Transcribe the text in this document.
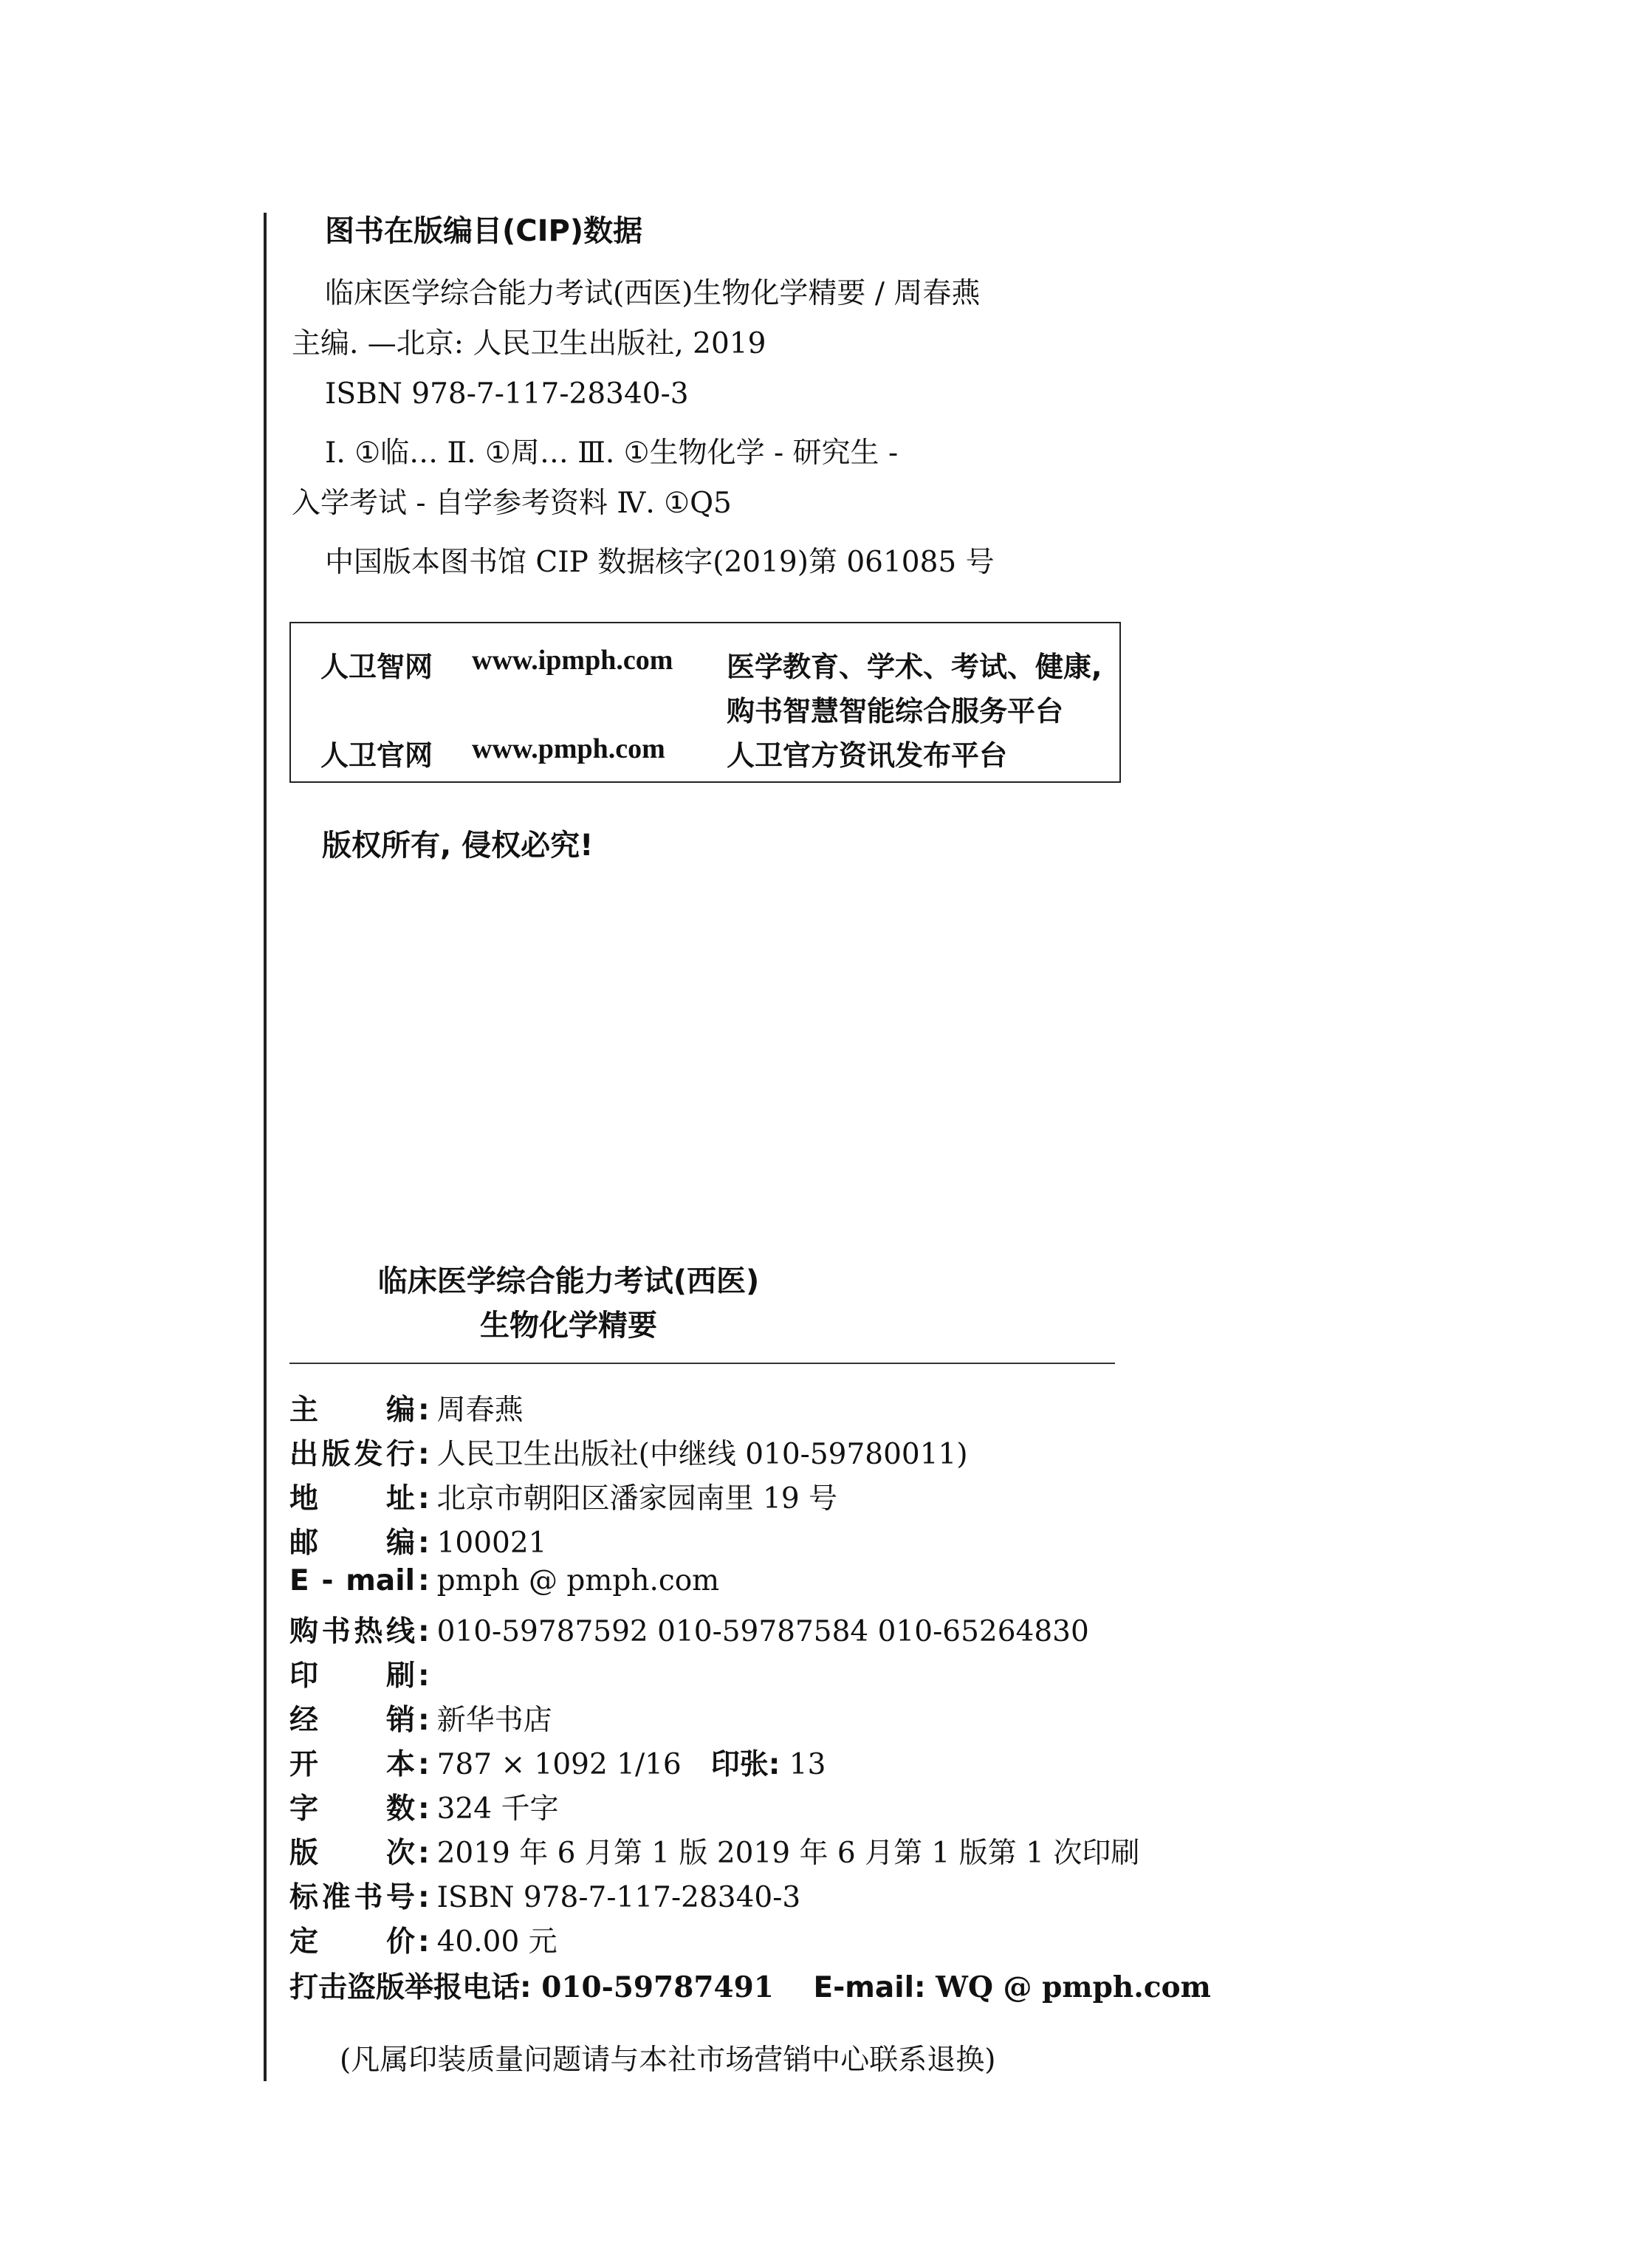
图书在版编目(CIP)数据
临床医学综合能力考试(西医)生物化学精要 / 周春燕
主编. —北京: 人民卫生出版社, 2019
ISBN 978-7-117-28340-3
Ⅰ. ①临… Ⅱ. ①周… Ⅲ. ①生物化学 - 研究生 -
入学考试 - 自学参考资料 Ⅳ. ①Q5
中国版本图书馆 CIP 数据核字(2019)第 061085 号
人卫智网 www.ipmph.com 医学教育、学术、考试、健康,
购书智慧智能综合服务平台
人卫官网 www.pmph.com 人卫官方资讯发布平台
版权所有, 侵权必究!
临床医学综合能力考试(西医)
生物化学精要
主编 : 周春燕
出版发行 : 人民卫生出版社(中继线 010-59780011)
地址 : 北京市朝阳区潘家园南里 19 号
邮编 : 100021
E - mail : pmph @ pmph.com
购书热线 : 010-59787592 010-59787584 010-65264830
印刷 :
经销 : 新华书店
开本 : 787 × 1092 1/16 印张: 13
字数 : 324 千字
版次 : 2019 年 6 月第 1 版 2019 年 6 月第 1 版第 1 次印刷
标准书号 : ISBN 978-7-117-28340-3
定价 : 40.00 元
打击盗版举报电话: 010-59787491 E-mail: WQ @ pmph.com
(凡属印装质量问题请与本社市场营销中心联系退换)
